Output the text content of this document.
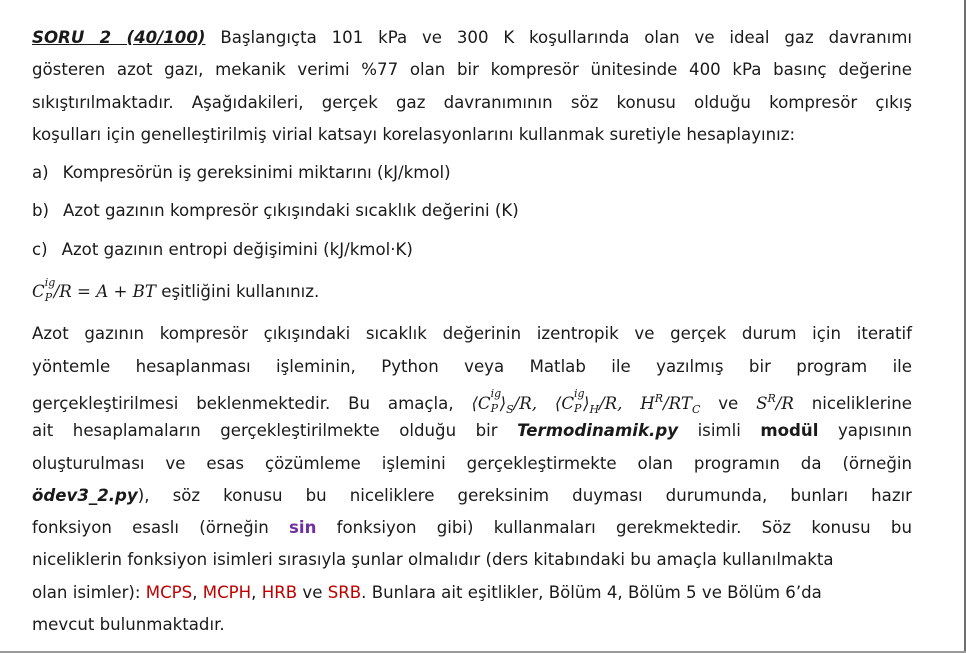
SORU 2 (40/100) Başlangıçta 101 kPa ve 300 K koşullarında olan ve ideal gaz davranımı
gösteren azot gazı, mekanik verimi %77 olan bir kompresör ünitesinde 400 kPa basınç değerine
sıkıştırılmaktadır. Aşağıdakileri, gerçek gaz davranımının söz konusu olduğu kompresör çıkış
koşulları için genelleştirilmiş virial katsayı korelasyonlarını kullanmak suretiyle hesaplayınız:
a) Kompresörün iş gereksinimi miktarını (kJ/kmol)
b) Azot gazının kompresör çıkışındaki sıcaklık değerini (K)
c) Azot gazının entropi değişimini (kJ/kmol·K)
C ig
P /R = A + BT eşitliğini kullanınız.
Azot gazının kompresör çıkışındaki sıcaklık değerinin izentropik ve gerçek durum için iteratif
yöntemle hesaplanması işleminin, Python veya Matlab ile yazılmış bir program ile
gerçekleştirilmesi beklenmektedir. Bu amaçla, ⟨C ig
P $⟩_S/R$, ⟨C ig
P $⟩_H/R$, $H^R/RT_C$ ve $S^R/R$ niceliklerine
ait hesaplamaların gerçekleştirilmekte olduğu bir Termodinamik.py isimli modül yapısının
oluşturulması ve esas çözümleme işlemini gerçekleştirmekte olan programın da (örneğin
ödev3_2.py), söz konusu bu niceliklere gereksinim duyması durumunda, bunları hazır
fonksiyon esaslı (örneğin sin fonksiyon gibi) kullanmaları gerekmektedir. Söz konusu bu
niceliklerin fonksiyon isimleri sırasıyla şunlar olmalıdır (ders kitabındaki bu amaçla kullanılmakta
olan isimler): MCPS, MCPH, HRB ve SRB. Bunlara ait eşitlikler, Bölüm 4, Bölüm 5 ve Bölüm 6’da
mevcut bulunmaktadır.
